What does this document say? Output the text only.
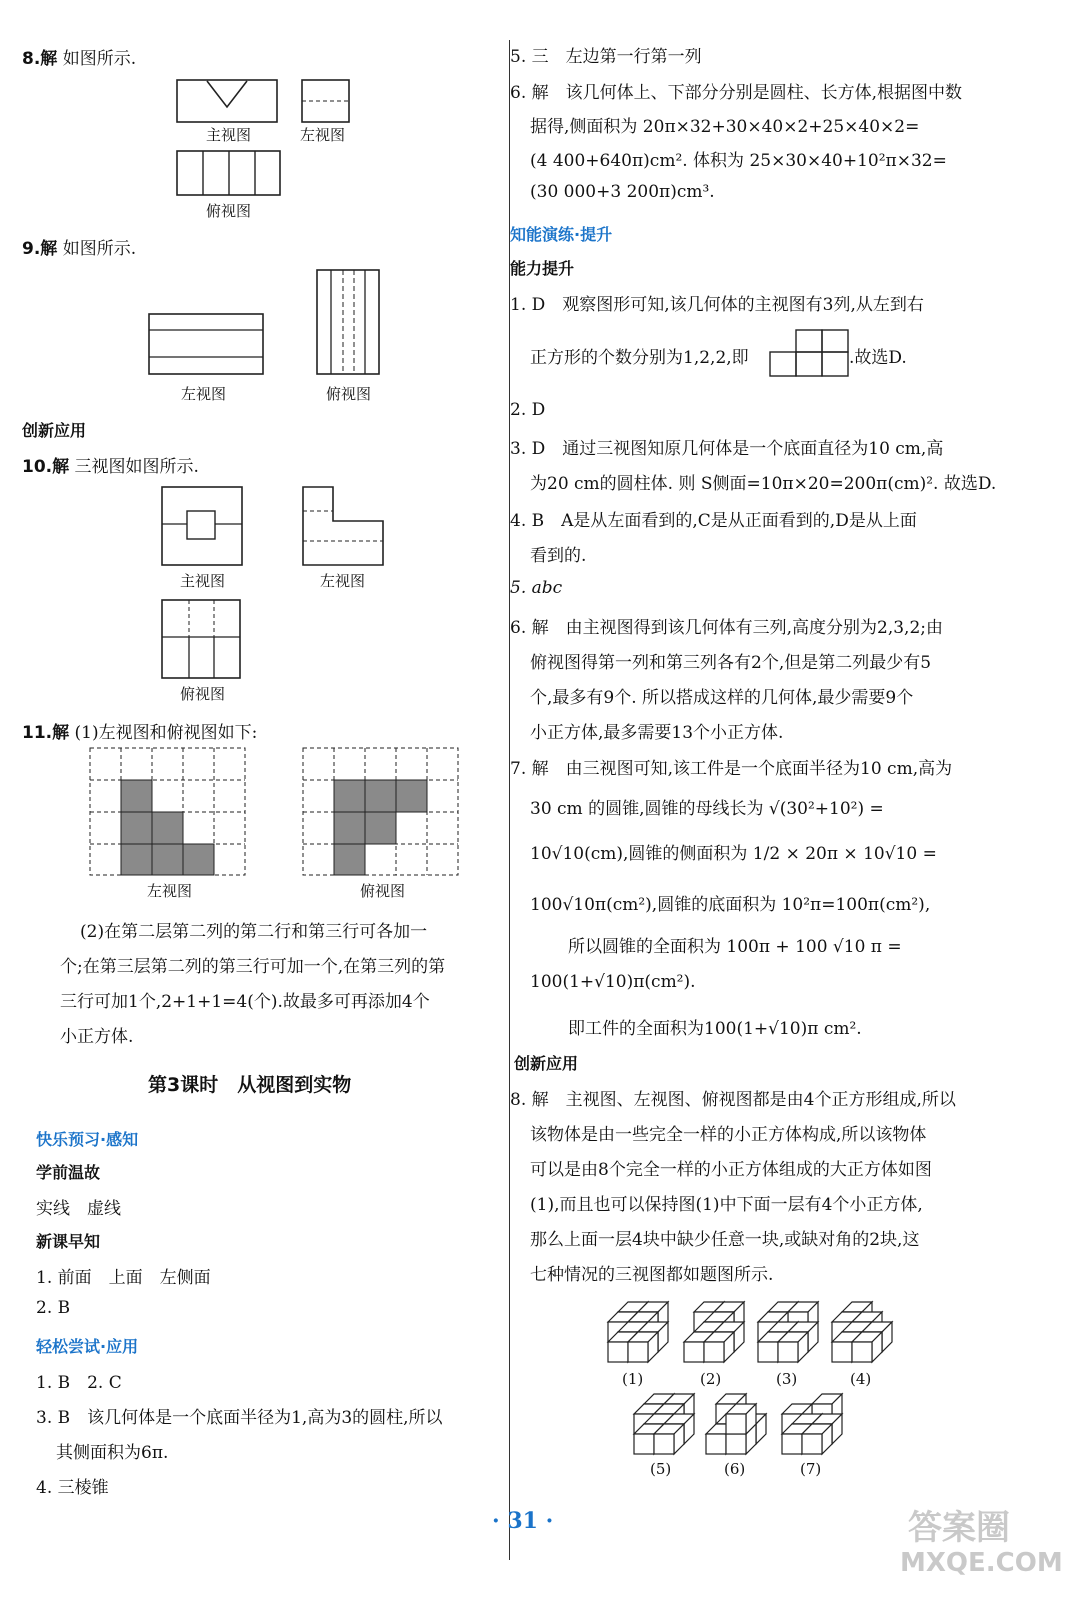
8.解 如图所示.
主视图	左视图
俯视图
9.解 如图所示.
左视图	俯视图
创新应用
10.解 三视图如图所示.
主视图	左视图
俯视图
11.解 (1)左视图和俯视图如下:
左视图	俯视图
(2)在第二层第二列的第二行和第三行可各加一
个;在第三层第二列的第三行可加一个,在第三列的第
三行可加1个,2+1+1=4(个).故最多可再添加4个
小正方体.
第3课时　从视图到实物
快乐预习·感知
学前温故
实线　虚线
新课早知
1. 前面　上面　左侧面
2. B
轻松尝试·应用
1. B　2. C
3. B　该几何体是一个底面半径为1,高为3的圆柱,所以
其侧面积为6π.
4. 三棱锥
5. 三　左边第一行第一列
6. 解　该几何体上、下部分分别是圆柱、长方体,根据图中数
据得,侧面积为 20π×32+30×40×2+25×40×2=
(4 400+640π)cm². 体积为 25×30×40+10²π×32=
(30 000+3 200π)cm³.
知能演练·提升
能力提升
1. D　观察图形可知,该几何体的主视图有3列,从左到右
正方形的个数分别为1,2,2,即	.故选D.
2. D
3. D　通过三视图知原几何体是一个底面直径为10 cm,高
为20 cm的圆柱体. 则 S侧面=10π×20=200π(cm)². 故选D.
4. B　A是从左面看到的,C是从正面看到的,D是从上面
看到的.
5. abc
6. 解　由主视图得到该几何体有三列,高度分别为2,3,2;由
俯视图得第一列和第三列各有2个,但是第二列最少有5
个,最多有9个. 所以搭成这样的几何体,最少需要9个
小正方体,最多需要13个小正方体.
7. 解　由三视图可知,该工件是一个底面半径为10 cm,高为
30 cm 的圆锥,圆锥的母线长为 √(30²+10²) =
10√10(cm),圆锥的侧面积为 1/2 × 20π × 10√10 =
100√10π(cm²),圆锥的底面积为 10²π=100π(cm²),
所以圆锥的全面积为 100π + 100 √10 π =
100(1+√10)π(cm²).
即工件的全面积为100(1+√10)π cm².
创新应用
8. 解　主视图、左视图、俯视图都是由4个正方形组成,所以
该物体是由一些完全一样的小正方体构成,所以该物体
可以是由8个完全一样的小正方体组成的大正方体如图
(1),而且也可以保持图(1)中下面一层有4个小正方体,
那么上面一层4块中缺少任意一块,或缺对角的2块,这
七种情况的三视图都如题图所示.
(1)	(2)	(3)	(4)
(5)	(6)	(7)
· 31 ·	答案圈
MXQE.COM
